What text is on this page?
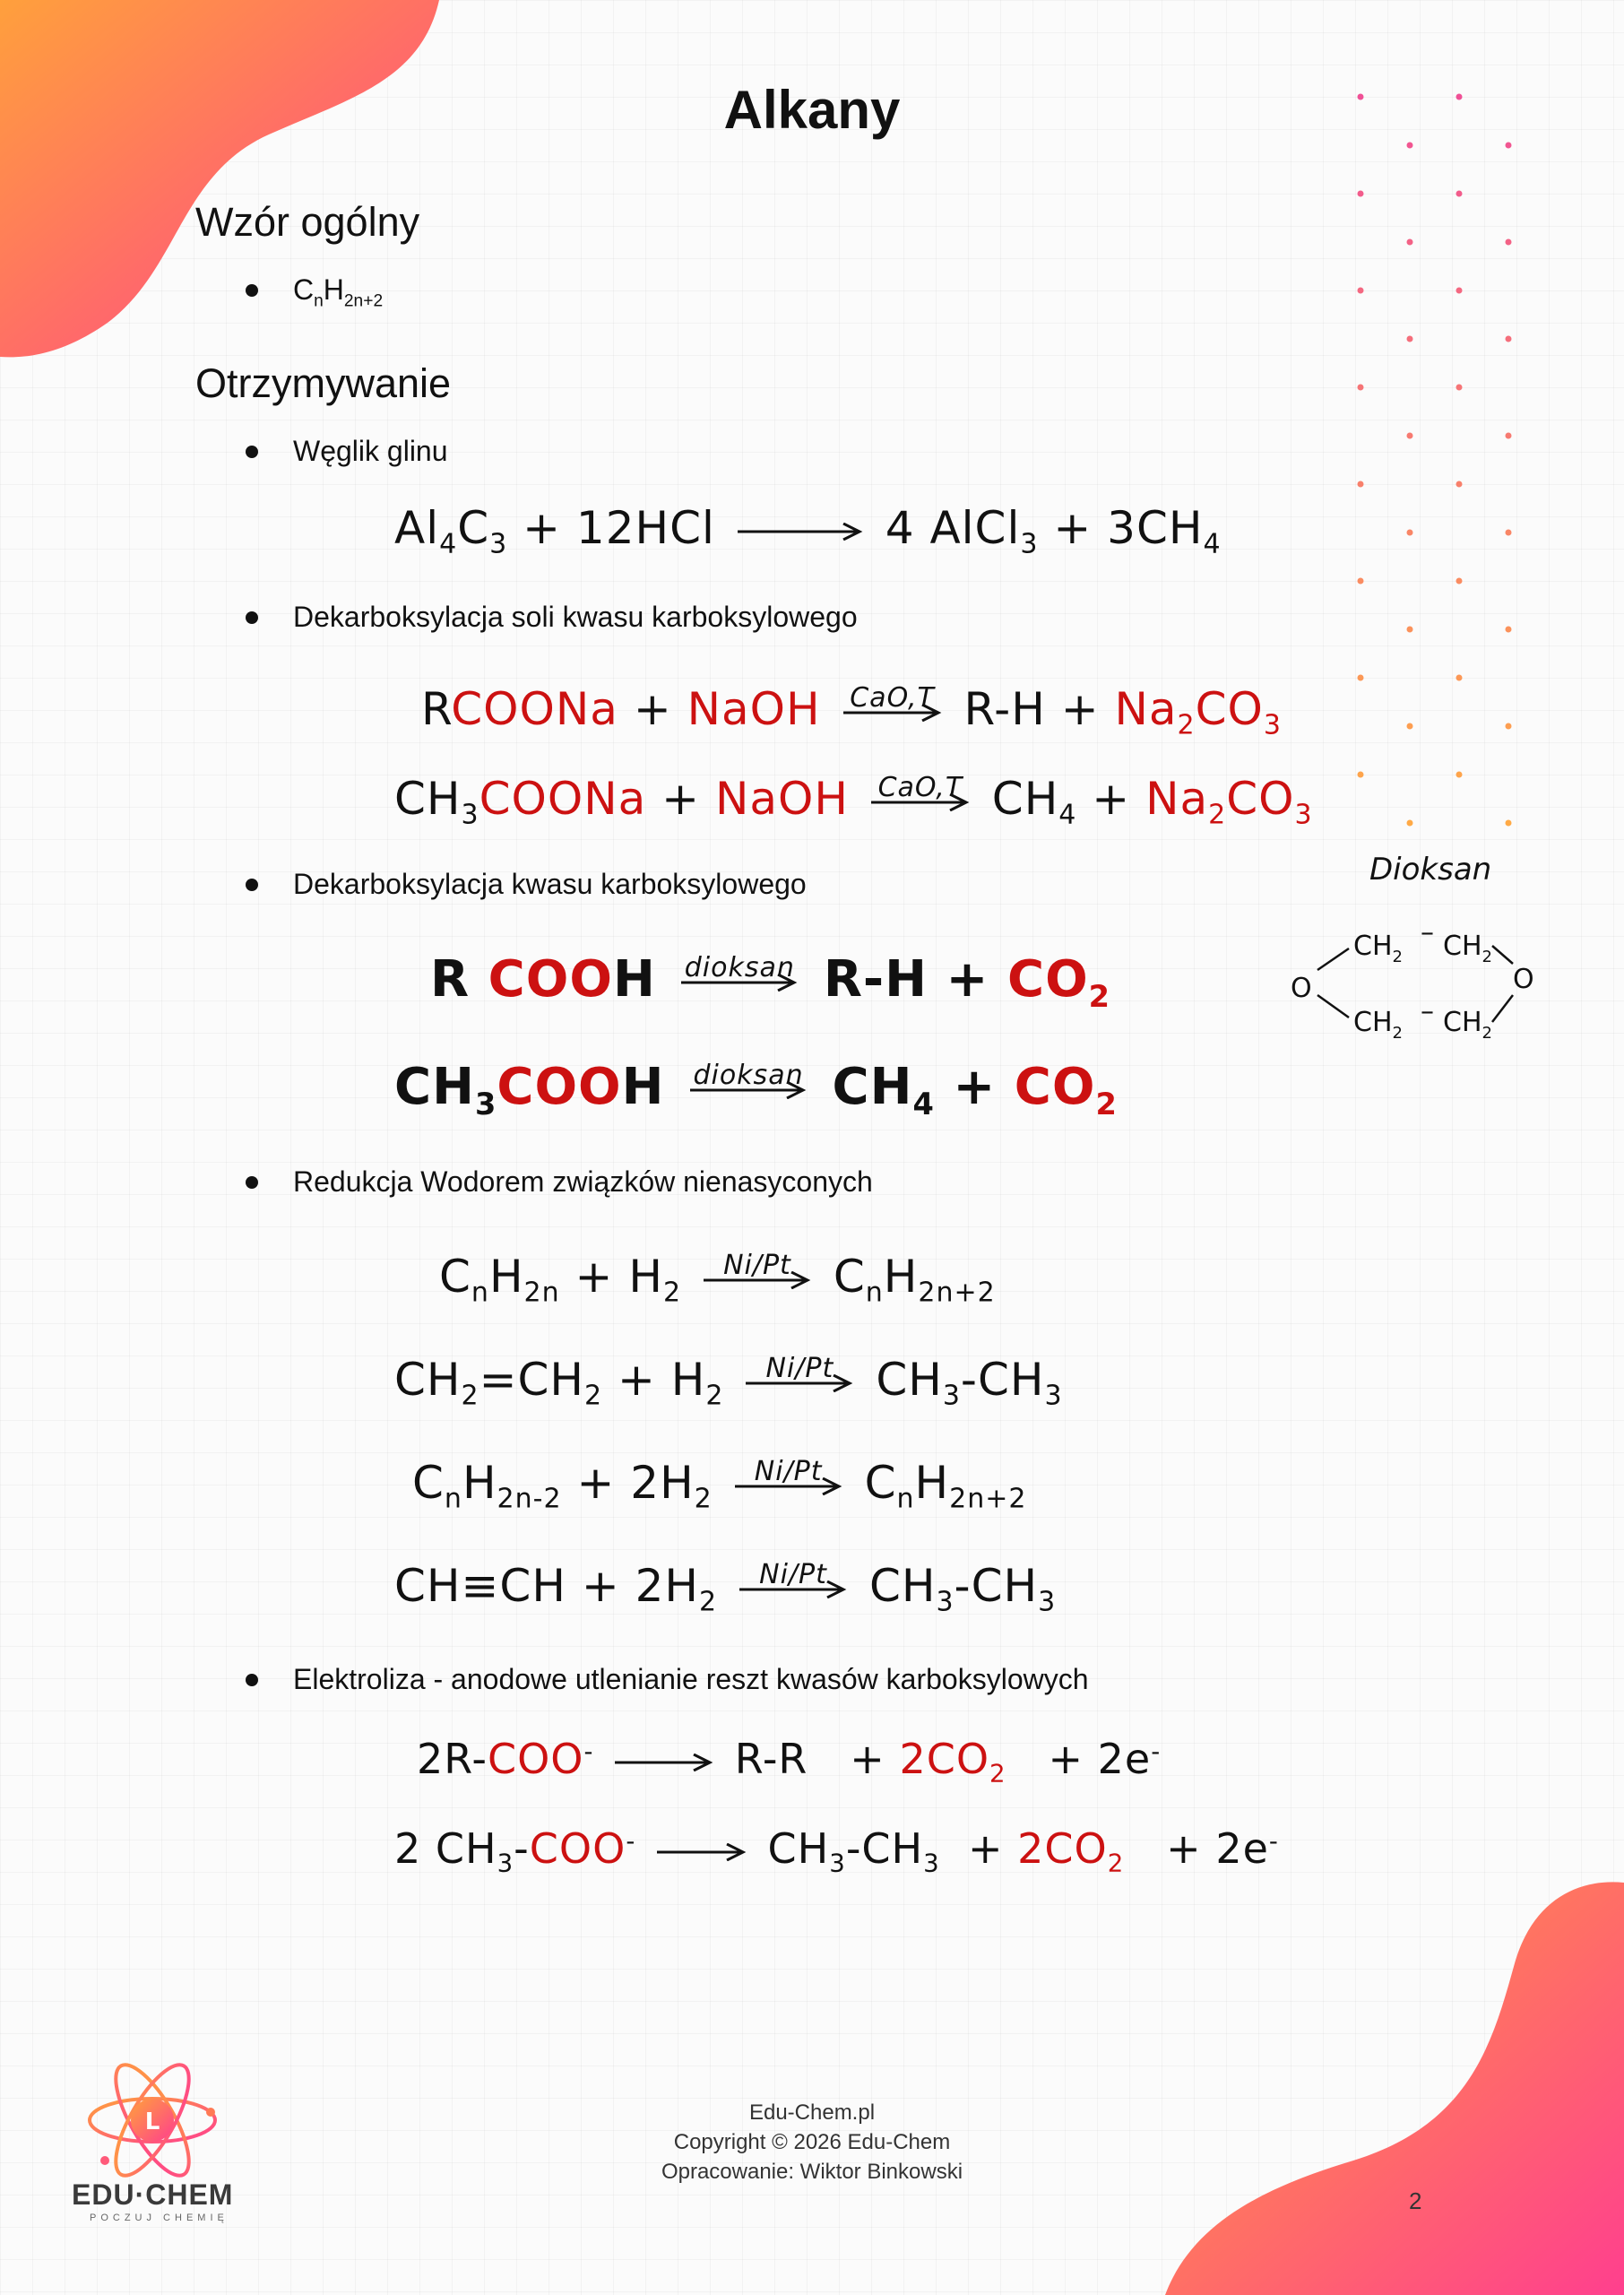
Alkany
Wzór ogólny
$C_nH_{2n+2}$
Otrzymywanie
Węglik glinu
$Al_4C_3 + 12HCl \to 4$ AlCl$_3$ + $3CH_4$
Dekarboksylacja soli kwasu karboksylowego
RCOONa + NaOH CaO,T $R-H + Na_2CO_3$
$CH_3COONa$ + NaOH CaO,T $CH_4 + Na_2CO_3$
Dekarboksylacja kwasu karboksylowego
R COOH dioksan $R-H + CO_2$
$CH_3COOH$ dioksan $CH_4 + CO_2$
Dioksan
$CH_2$
– $CH_2$
$CH_2$
– $CH_2$
O	O
Redukcja Wodorem związków nienasyconych
$C_nH_{2n} + H_2$
Ni/Pt $C_nH_{2n+2}$
$CH_2=CH_2 + H_2$
Ni/Pt $CH_3-CH_3$
$C_nH_{2n-2} + 2H_2$
Ni/Pt $C_nH_{2n+2}$
$CH\equiv CH + 2H_2$
Ni/Pt $CH_3-CH_3$
Elektroliza - anodowe utlenianie reszt kwasów karboksylowych
$2R-COO^- \to R-R + 2CO_2 + 2e^-$
2 $CH_3-COO^- \to CH_3-CH_3 + 2CO_2 + 2e^-$
L
EDU·CHEM
POCZUJ CHEMIĘ
Edu-Chem.pl
Copyright © 2026 Edu-Chem
Opracowanie: Wiktor Binkowski
2
